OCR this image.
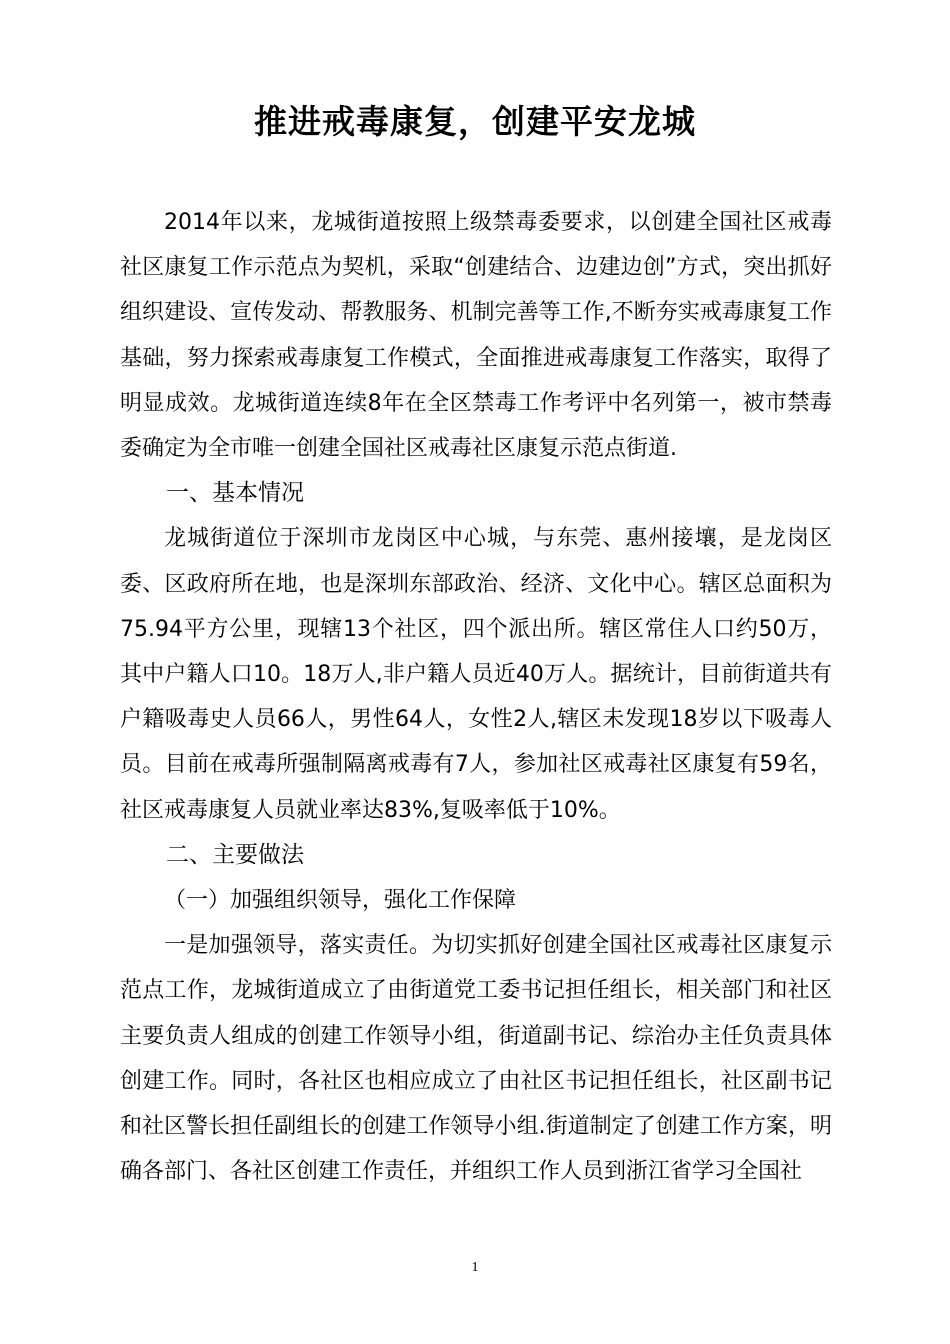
推进戒毒康复，创建平安龙城

2014年以来，龙城街道按照上级禁毒委要求，以创建全国社区戒毒社区康复工作示范点为契机，采取“创建结合、边建边创”方式，突出抓好组织建设、宣传发动、帮教服务、机制完善等工作,不断夯实戒毒康复工作基础，努力探索戒毒康复工作模式，全面推进戒毒康复工作落实，取得了明显成效。龙城街道连续8年在全区禁毒工作考评中名列第一，被市禁毒委确定为全市唯一创建全国社区戒毒社区康复示范点街道.

一、基本情况

龙城街道位于深圳市龙岗区中心城，与东莞、惠州接壤，是龙岗区委、区政府所在地，也是深圳东部政治、经济、文化中心。辖区总面积为75.94平方公里，现辖13个社区，四个派出所。辖区常住人口约50万，其中户籍人口10。18万人,非户籍人员近40万人。据统计，目前街道共有户籍吸毒史人员66人，男性64人，女性2人,辖区未发现18岁以下吸毒人员。目前在戒毒所强制隔离戒毒有7人，参加社区戒毒社区康复有59名，社区戒毒康复人员就业率达83%,复吸率低于10%。

二、主要做法

（一）加强组织领导，强化工作保障

一是加强领导，落实责任。为切实抓好创建全国社区戒毒社区康复示范点工作，龙城街道成立了由街道党工委书记担任组长，相关部门和社区主要负责人组成的创建工作领导小组，街道副书记、综治办主任负责具体创建工作。同时，各社区也相应成立了由社区书记担任组长，社区副书记和社区警长担任副组长的创建工作领导小组.街道制定了创建工作方案，明确各部门、各社区创建工作责任，并组织工作人员到浙江省学习全国社

1
